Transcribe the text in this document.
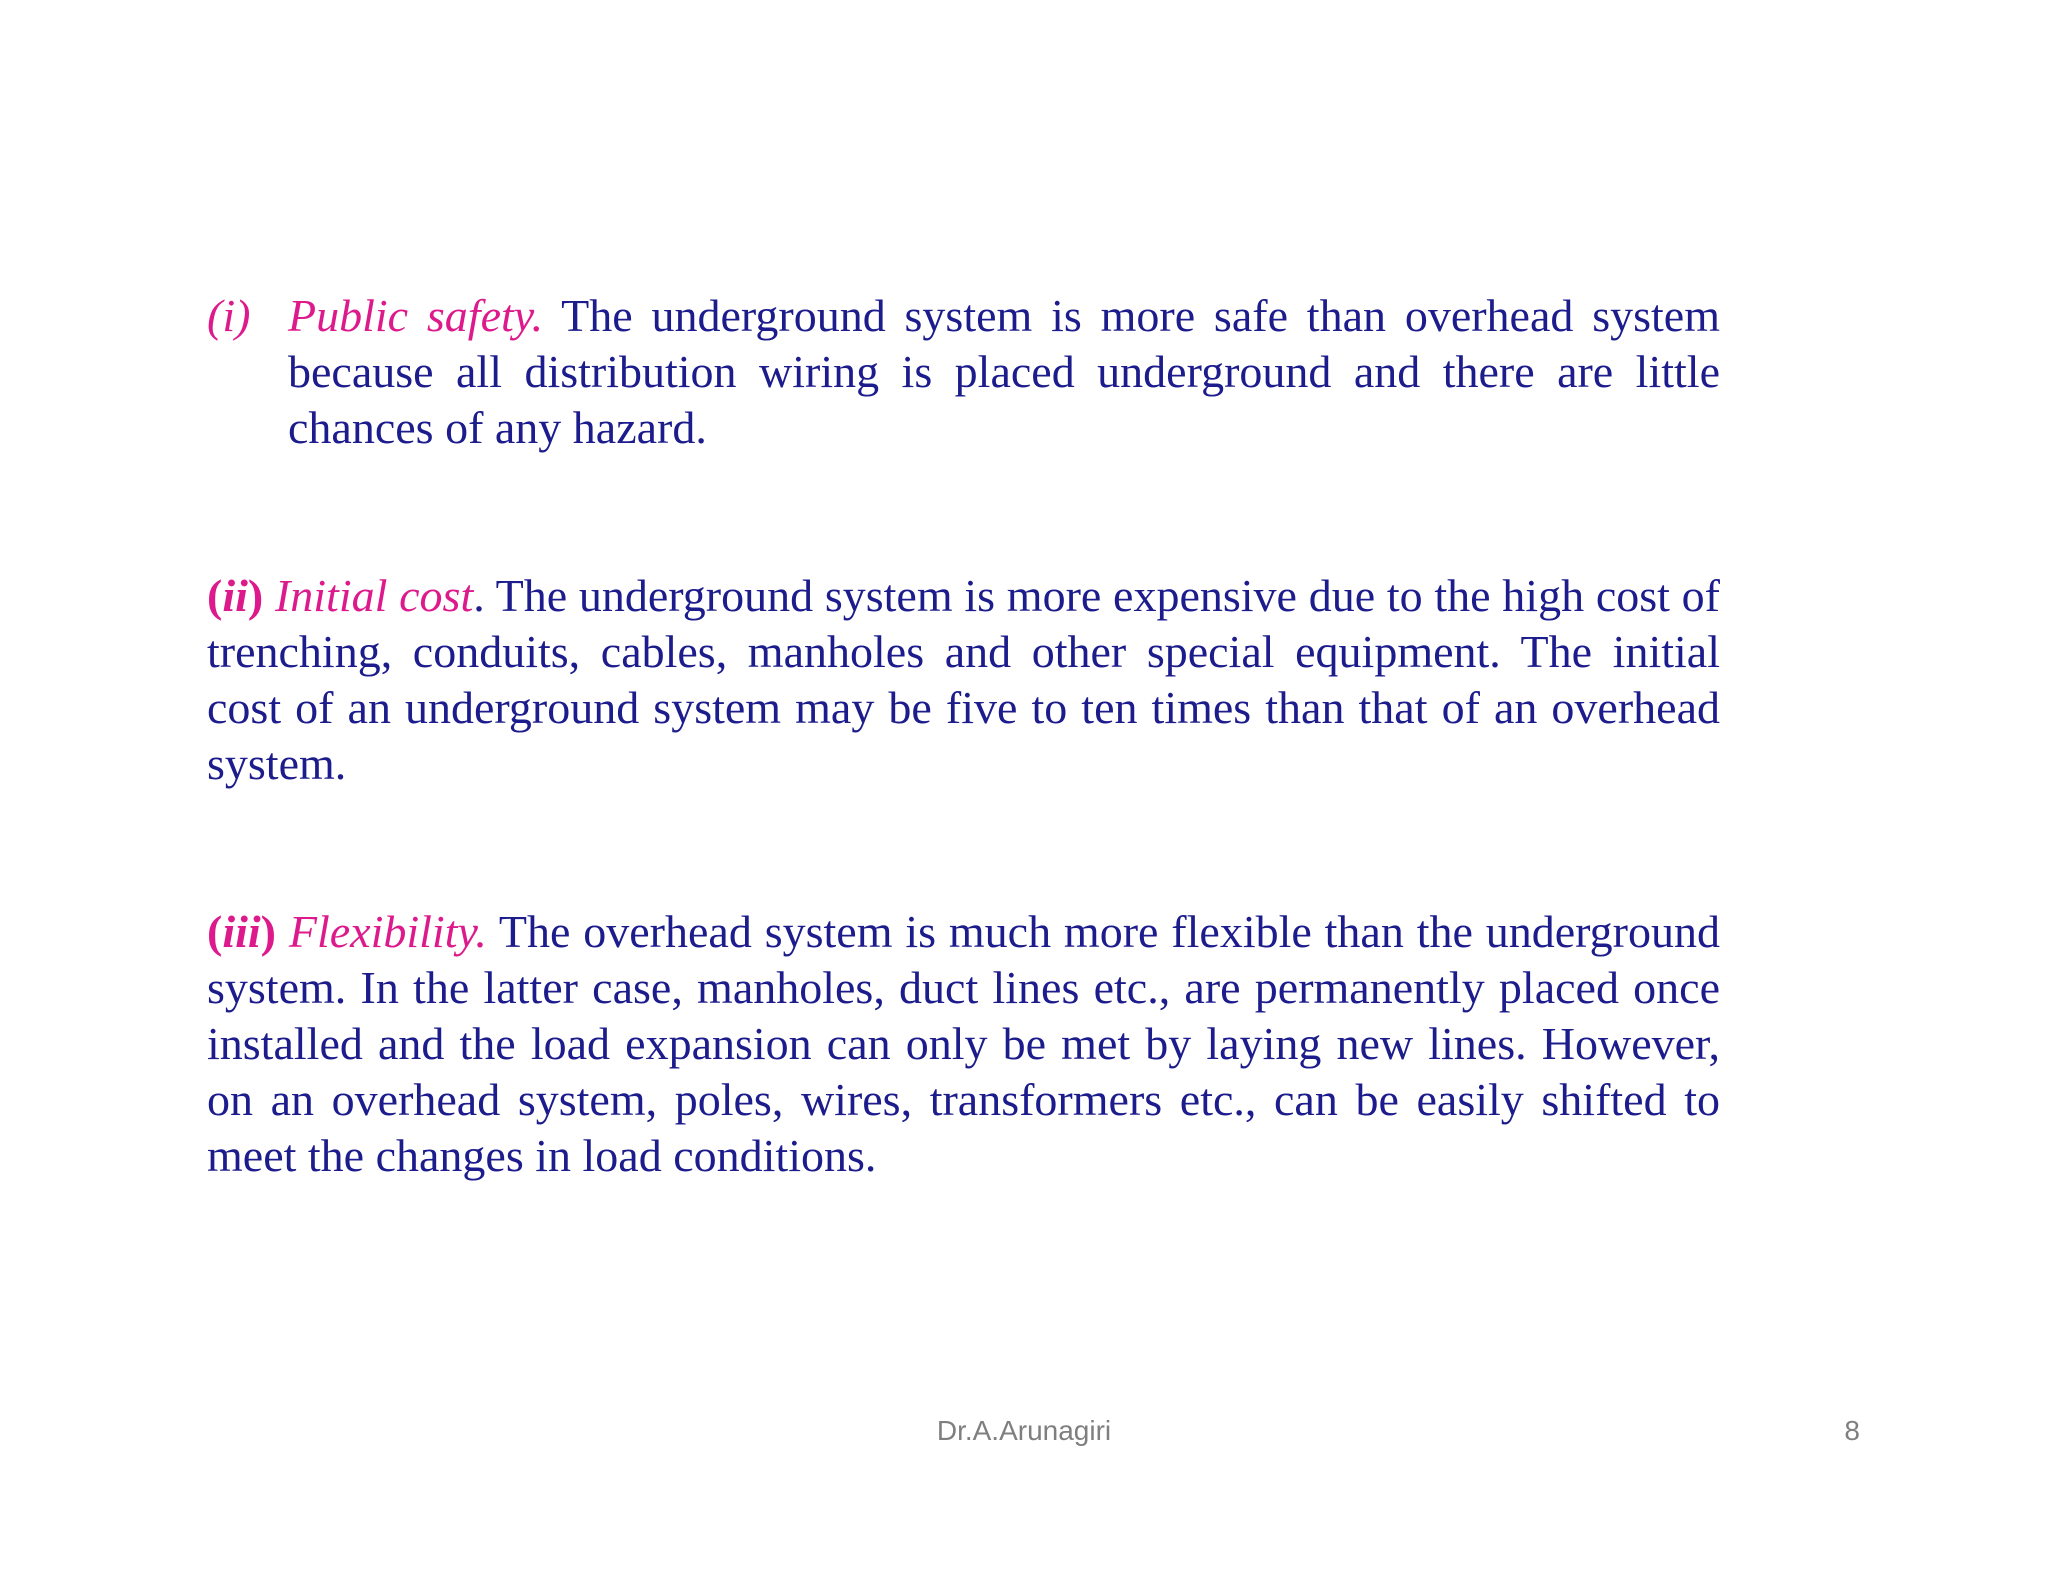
(i) Public safety. The underground system is more safe than overhead system because all distribution wiring is placed underground and there are little chances of any hazard.

(ii) Initial cost. The underground system is more expensive due to the high cost of trenching, conduits, cables, manholes and other special equipment. The initial cost of an underground system may be five to ten times than that of an overhead system.

(iii) Flexibility. The overhead system is much more flexible than the underground system. In the latter case, manholes, duct lines etc., are permanently placed once installed and the load expansion can only be met by laying new lines. However, on an overhead system, poles, wires, transformers etc., can be easily shifted to meet the changes in load conditions.

Dr.A.Arunagiri	8
